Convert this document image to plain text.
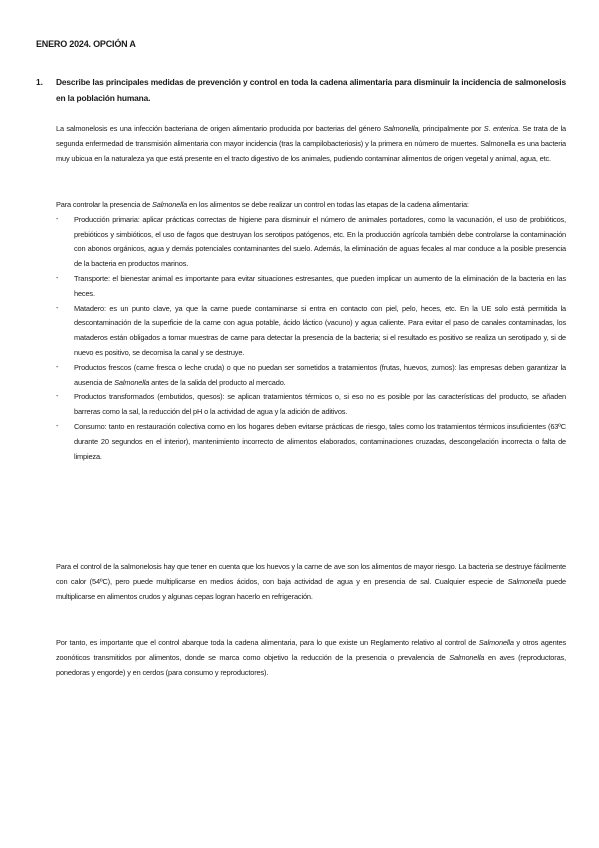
ENERO 2024. OPCIÓN A
1. Describe las principales medidas de prevención y control en toda la cadena alimentaria para disminuir la incidencia de salmonelosis en la población humana.

La salmonelosis es una infección bacteriana de origen alimentario producida por bacterias del género Salmonella, principalmente por S. enterica. Se trata de la segunda enfermedad de transmisión alimentaria con mayor incidencia (tras la campilobacteriosis) y la primera en número de muertes. Salmonella es una bacteria muy ubicua en la naturaleza ya que está presente en el tracto digestivo de los animales, pudiendo contaminar alimentos de origen vegetal y animal, agua, etc.

Para controlar la presencia de Salmonella en los alimentos se debe realizar un control en todas las etapas de la cadena alimentaria:

- Producción primaria: aplicar prácticas correctas de higiene para disminuir el número de animales portadores, como la vacunación, el uso de probióticos, prebióticos y simbióticos, el uso de fagos que destruyan los serotipos patógenos, etc. En la producción agrícola también debe controlarse la contaminación con abonos orgánicos, agua y demás potenciales contaminantes del suelo. Además, la eliminación de aguas fecales al mar conduce a la posible presencia de la bacteria en productos marinos.
- Transporte: el bienestar animal es importante para evitar situaciones estresantes, que pueden implicar un aumento de la eliminación de la bacteria en las heces.
- Matadero: es un punto clave, ya que la carne puede contaminarse si entra en contacto con piel, pelo, heces, etc. En la UE solo está permitida la descontaminación de la superficie de la carne con agua potable, ácido láctico (vacuno) y agua caliente. Para evitar el paso de canales contaminadas, los mataderos están obligados a tomar muestras de carne para detectar la presencia de la bacteria; si el resultado es positivo se realiza un serotipado y, si de nuevo es positivo, se decomisa la canal y se destruye.
- Productos frescos (carne fresca o leche cruda) o que no puedan ser sometidos a tratamientos (frutas, huevos, zumos): las empresas deben garantizar la ausencia de Salmonella antes de la salida del producto al mercado.
- Productos transformados (embutidos, quesos): se aplican tratamientos térmicos o, si eso no es posible por las características del producto, se añaden barreras como la sal, la reducción del pH o la actividad de agua y la adición de aditivos.
- Consumo: tanto en restauración colectiva como en los hogares deben evitarse prácticas de riesgo, tales como los tratamientos térmicos insuficientes (63ºC durante 20 segundos en el interior), mantenimiento incorrecto de alimentos elaborados, contaminaciones cruzadas, descongelación incorrecta o falta de limpieza.

Para el control de la salmonelosis hay que tener en cuenta que los huevos y la carne de ave son los alimentos de mayor riesgo. La bacteria se destruye fácilmente con calor (54ºC), pero puede multiplicarse en medios ácidos, con baja actividad de agua y en presencia de sal. Cualquier especie de Salmonella puede multiplicarse en alimentos crudos y algunas cepas logran hacerlo en refrigeración.

Por tanto, es importante que el control abarque toda la cadena alimentaria, para lo que existe un Reglamento relativo al control de Salmonella y otros agentes zoonóticos transmitidos por alimentos, donde se marca como objetivo la reducción de la presencia o prevalencia de Salmonella en aves (reproductoras, ponedoras y engorde) y en cerdos (para consumo y reproductores).
